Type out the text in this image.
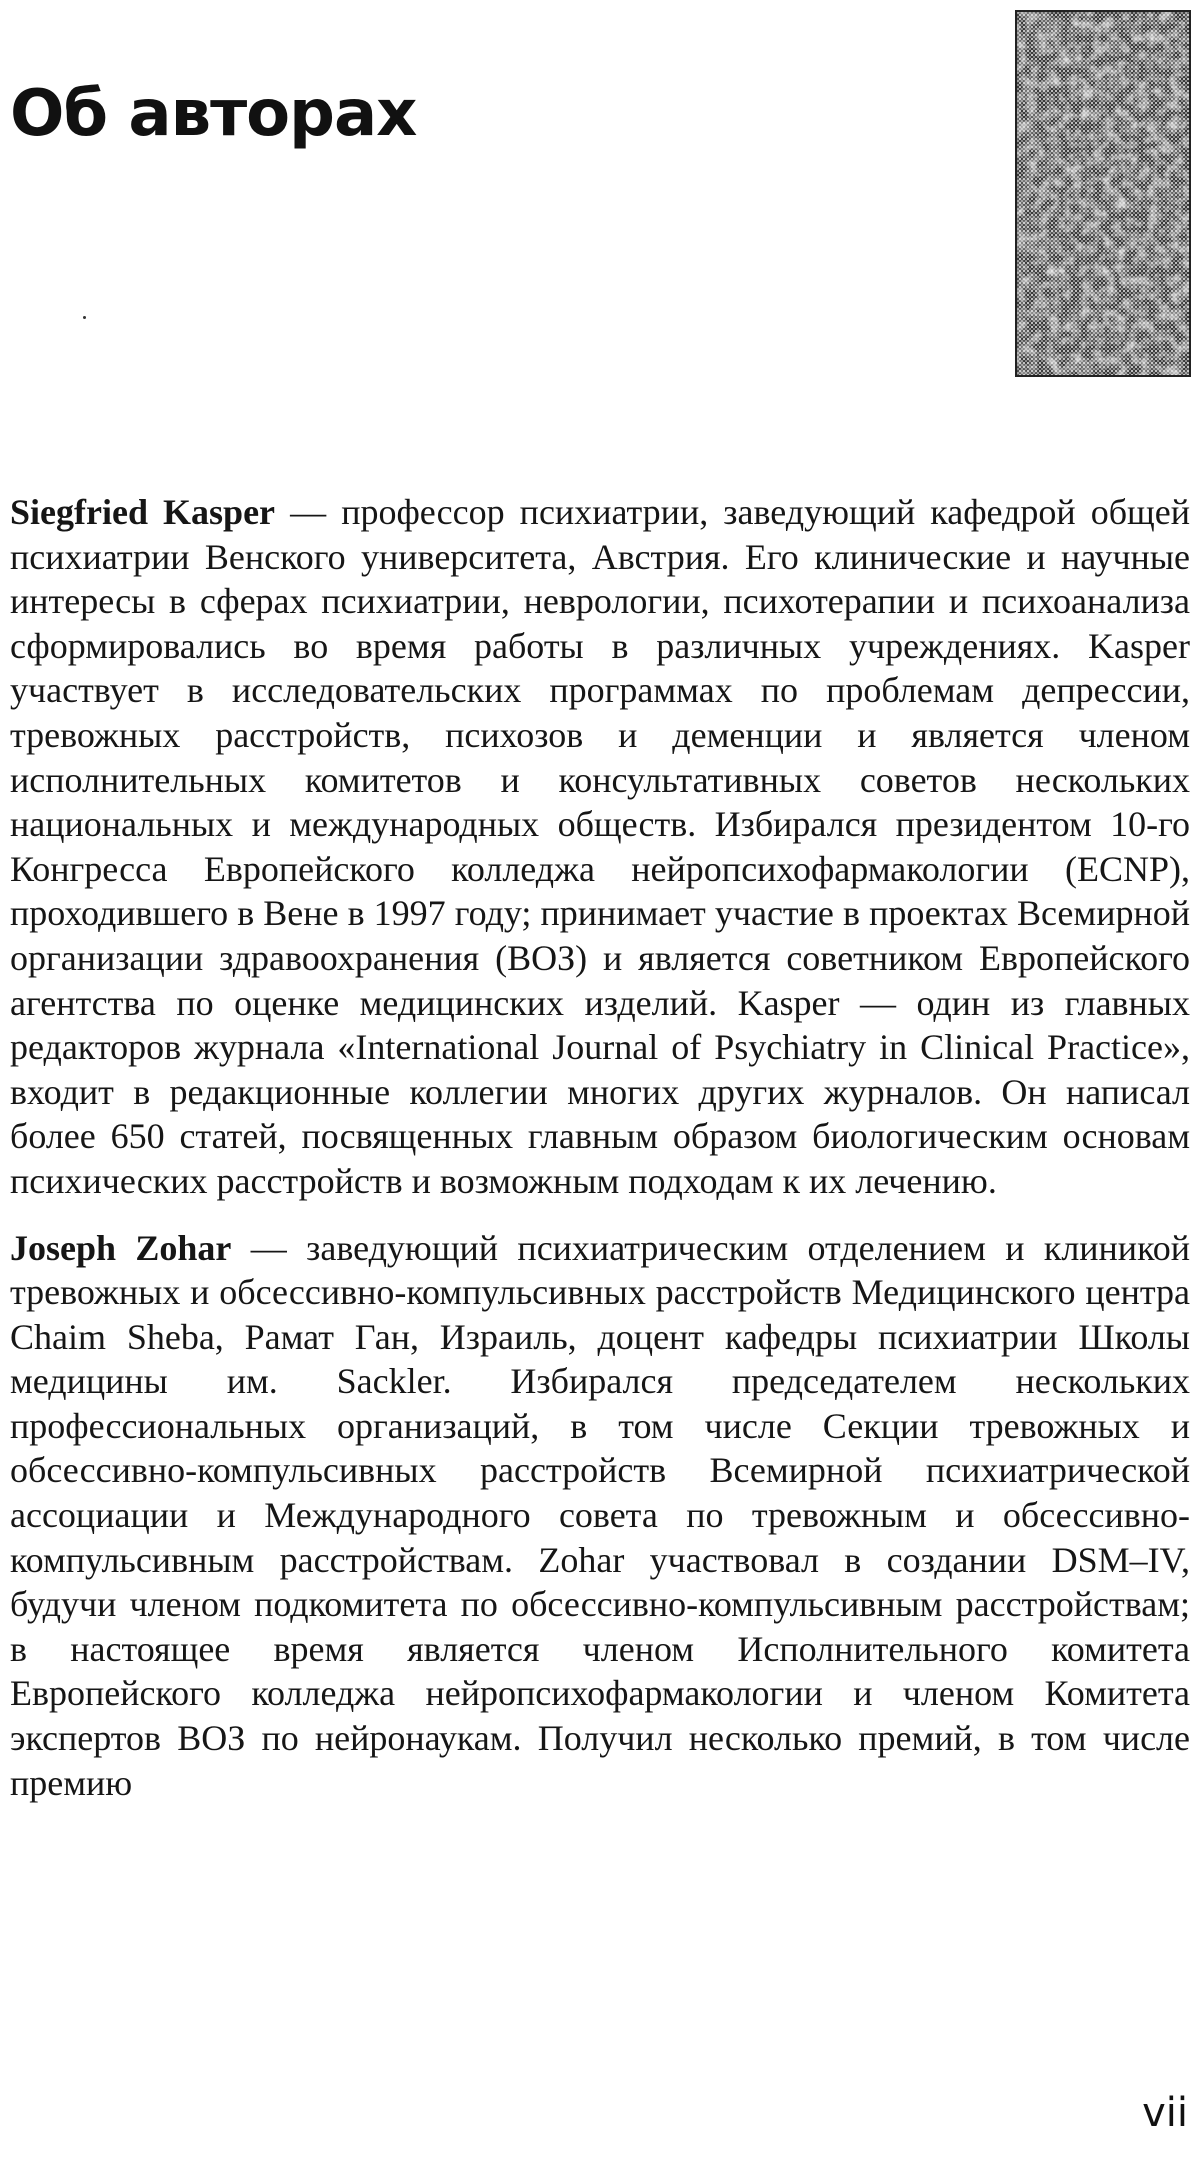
Об авторах

Siegfried Kasper — профессор психиатрии, заведующий кафедрой общей психиатрии Венского университета, Австрия. Его клинические и научные интересы в сферах психиатрии, неврологии, психотерапии и психоанализа сформировались во время работы в различных учреждениях. Kasper участвует в исследовательских программах по проблемам депрессии, тревожных расстройств, психозов и деменции и является членом исполнительных комитетов и консультативных советов нескольких национальных и международных обществ. Избирался президентом 10-го Конгресса Европейского колледжа нейропсихофармакологии (ECNP), проходившего в Вене в 1997 году; принимает участие в проектах Всемирной организации здравоохранения (ВОЗ) и является советником Европейского агентства по оценке медицинских изделий. Kasper — один из главных редакторов журнала «International Journal of Psychiatry in Clinical Practice», входит в редакционные коллегии многих других журналов. Он написал более 650 статей, посвященных главным образом биологическим основам психических расстройств и возможным подходам к их лечению.

Joseph Zohar — заведующий психиатрическим отделением и клиникой тревожных и обсессивно-компульсивных расстройств Медицинского центра Chaim Sheba, Рамат Ган, Израиль, доцент кафедры психиатрии Школы медицины им. Sackler. Избирался председателем нескольких профессиональных организаций, в том числе Секции тревожных и обсессивно-компульсивных расстройств Всемирной психиатрической ассоциации и Международного совета по тревожным и обсессивно-компульсивным расстройствам. Zohar участвовал в создании DSM–IV, будучи членом подкомитета по обсессивно-компульсивным расстройствам; в настоящее время является членом Исполнительного комитета Европейского колледжа нейропсихофармакологии и членом Комитета экспертов ВОЗ по нейронаукам. Получил несколько премий, в том числе премию

vii
